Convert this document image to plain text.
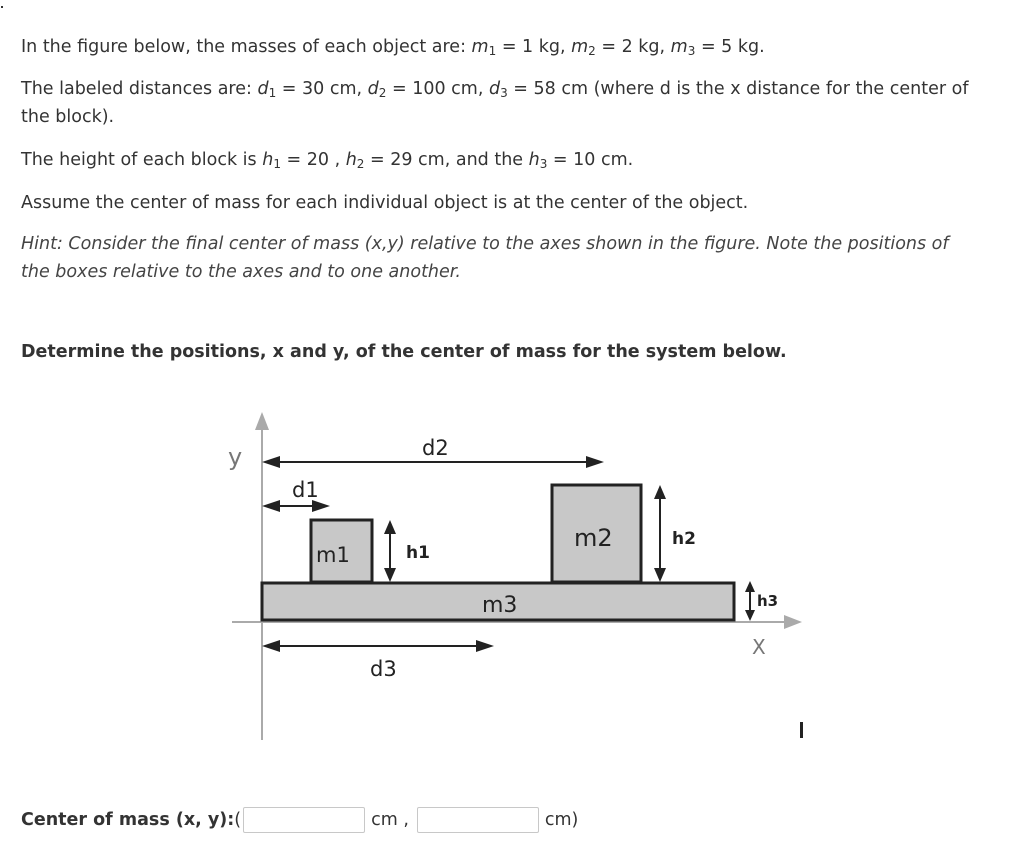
In the figure below, the masses of each object are: $m_1 = 1$ kg, $m_2 = 2$ kg, $m_3 = 5$ kg.

The labeled distances are: $d_1 = 30$ cm, $d_2 = 100$ cm, $d_3 = 58$ cm (where d is the x distance for the center of the block).

The height of each block is $h_1 = 20$ , $h_2 = 29$ cm, and the $h_3 = 10$ cm.

Assume the center of mass for each individual object is at the center of the object.

Hint: Consider the final center of mass (x,y) relative to the axes shown in the figure. Note the positions of the boxes relative to the axes and to one another.

Determine the positions, x and y, of the center of mass for the system below.

y
X
d2
d1
m1	h1
m2	h2
m3	h3
d3
Center of mass (x, y): (	cm ,	cm)
